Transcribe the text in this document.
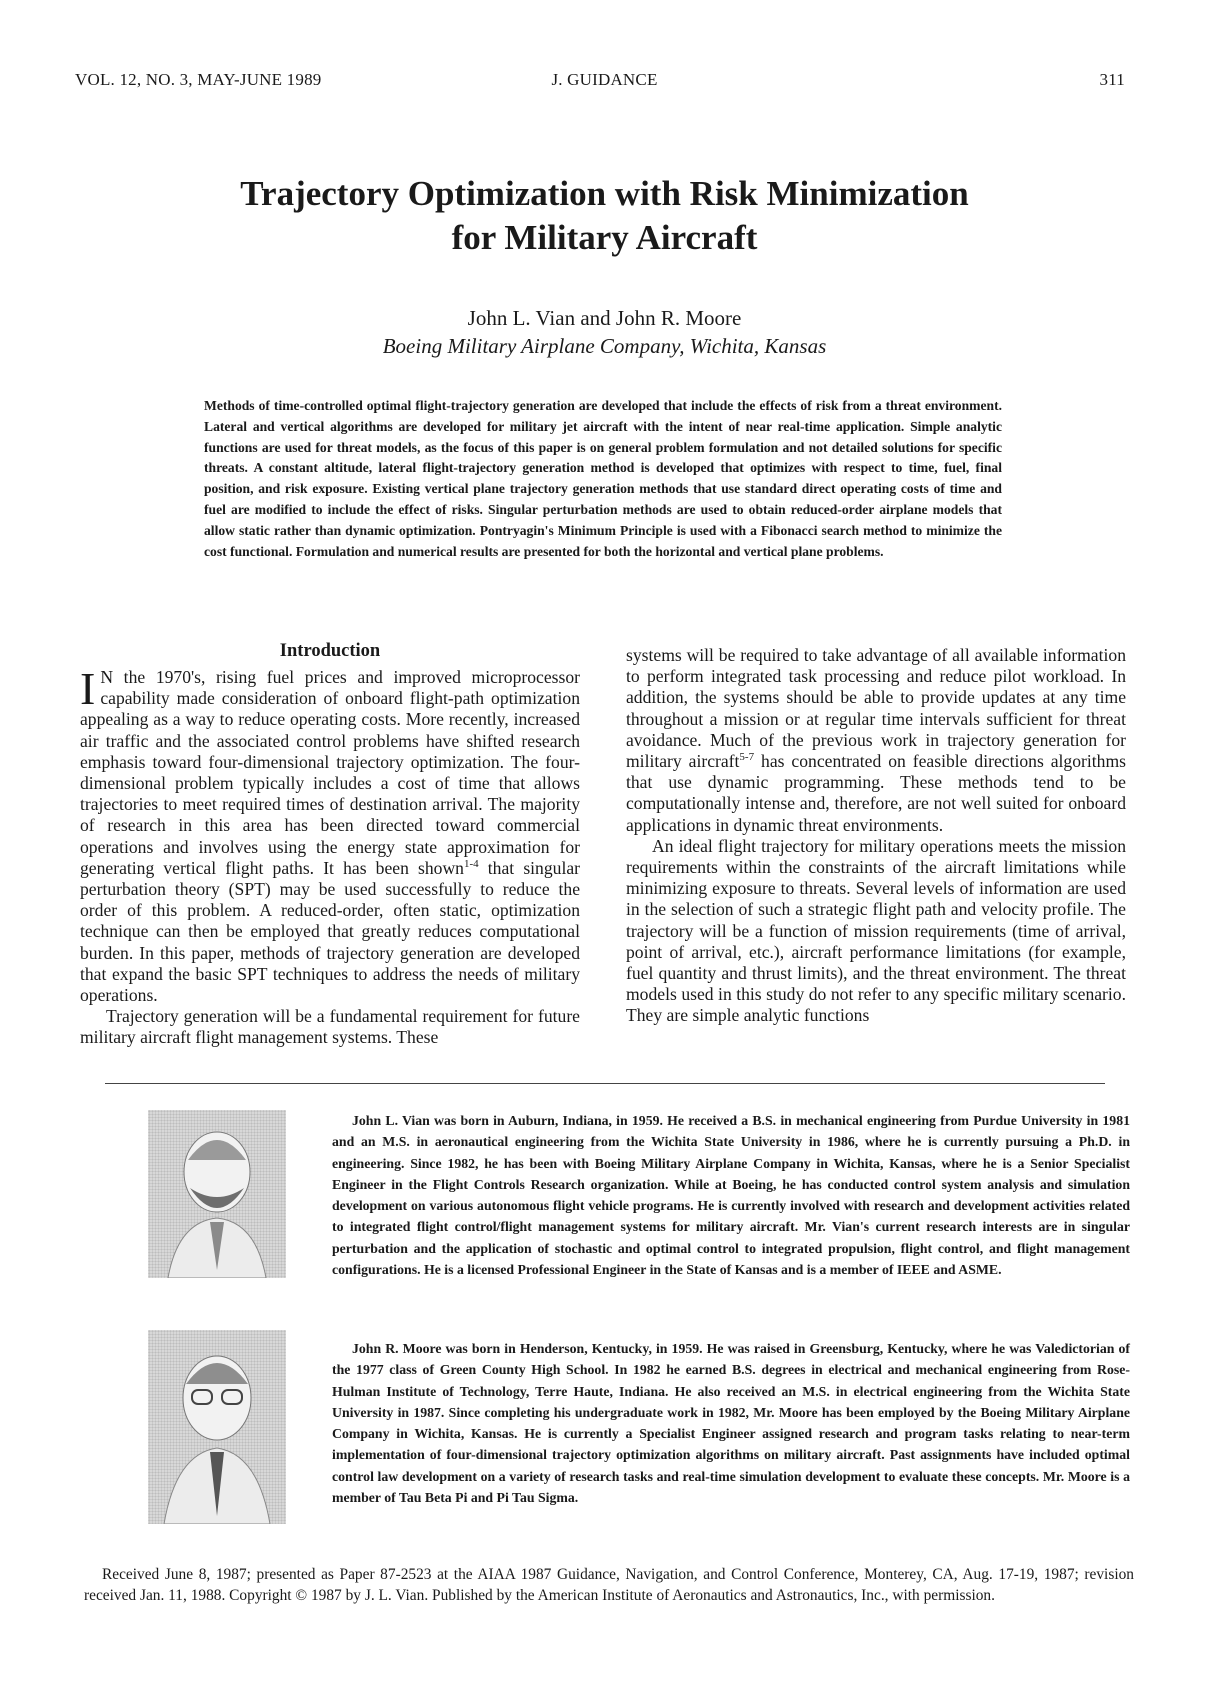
VOL. 12, NO. 3, MAY-JUNE 1989	J. GUIDANCE	311
Trajectory Optimization with Risk Minimization
for Military Aircraft
John L. Vian and John R. Moore
Boeing Military Airplane Company, Wichita, Kansas
Methods of time-controlled optimal flight-trajectory generation are developed that include the effects of risk from a threat environment. Lateral and vertical algorithms are developed for military jet aircraft with the intent of near real-time application. Simple analytic functions are used for threat models, as the focus of this paper is on general problem formulation and not detailed solutions for specific threats. A constant altitude, lateral flight-trajectory generation method is developed that optimizes with respect to time, fuel, final position, and risk exposure. Existing vertical plane trajectory generation methods that use standard direct operating costs of time and fuel are modified to include the effect of risks. Singular perturbation methods are used to obtain reduced-order airplane models that allow static rather than dynamic optimization. Pontryagin's Minimum Principle is used with a Fibonacci search method to minimize the cost functional. Formulation and numerical results are presented for both the horizontal and vertical plane problems.
Introduction

I N the 1970's, rising fuel prices and improved microprocessor capability made consideration of onboard flight-path optimization appealing as a way to reduce operating costs. More recently, increased air traffic and the associated control problems have shifted research emphasis toward four-dimensional trajectory optimization. The four-dimensional problem typically includes a cost of time that allows trajectories to meet required times of destination arrival. The majority of research in this area has been directed toward commercial operations and involves using the energy state approximation for generating vertical flight paths. It has been shown$^{1-4}$ that singular perturbation theory (SPT) may be used successfully to reduce the order of this problem. A reduced-order, often static, optimization technique can then be employed that greatly reduces computational burden. In this paper, methods of trajectory generation are developed that expand the basic SPT techniques to address the needs of military operations.

Trajectory generation will be a fundamental requirement for future military aircraft flight management systems. These

systems will be required to take advantage of all available information to perform integrated task processing and reduce pilot workload. In addition, the systems should be able to provide updates at any time throughout a mission or at regular time intervals sufficient for threat avoidance. Much of the previous work in trajectory generation for military aircraft$^{5-7}$ has concentrated on feasible directions algorithms that use dynamic programming. These methods tend to be computationally intense and, therefore, are not well suited for onboard applications in dynamic threat environments.

An ideal flight trajectory for military operations meets the mission requirements within the constraints of the aircraft limitations while minimizing exposure to threats. Several levels of information are used in the selection of such a strategic flight path and velocity profile. The trajectory will be a function of mission requirements (time of arrival, point of arrival, etc.), aircraft performance limitations (for example, fuel quantity and thrust limits), and the threat environment. The threat models used in this study do not refer to any specific military scenario. They are simple analytic functions

John L. Vian was born in Auburn, Indiana, in 1959. He received a B.S. in mechanical engineering from Purdue University in 1981 and an M.S. in aeronautical engineering from the Wichita State University in 1986, where he is currently pursuing a Ph.D. in engineering. Since 1982, he has been with Boeing Military Airplane Company in Wichita, Kansas, where he is a Senior Specialist Engineer in the Flight Controls Research organization. While at Boeing, he has conducted control system analysis and simulation development on various autonomous flight vehicle programs. He is currently involved with research and development activities related to integrated flight control/flight management systems for military aircraft. Mr. Vian's current research interests are in singular perturbation and the application of stochastic and optimal control to integrated propulsion, flight control, and flight management configurations. He is a licensed Professional Engineer in the State of Kansas and is a member of IEEE and ASME.
John R. Moore was born in Henderson, Kentucky, in 1959. He was raised in Greensburg, Kentucky, where he was Valedictorian of the 1977 class of Green County High School. In 1982 he earned B.S. degrees in electrical and mechanical engineering from Rose-Hulman Institute of Technology, Terre Haute, Indiana. He also received an M.S. in electrical engineering from the Wichita State University in 1987. Since completing his undergraduate work in 1982, Mr. Moore has been employed by the Boeing Military Airplane Company in Wichita, Kansas. He is currently a Specialist Engineer assigned research and program tasks relating to near-term implementation of four-dimensional trajectory optimization algorithms on military aircraft. Past assignments have included optimal control law development on a variety of research tasks and real-time simulation development to evaluate these concepts. Mr. Moore is a member of Tau Beta Pi and Pi Tau Sigma.
Received June 8, 1987; presented as Paper 87-2523 at the AIAA 1987 Guidance, Navigation, and Control Conference, Monterey, CA, Aug. 17-19, 1987; revision received Jan. 11, 1988. Copyright © 1987 by J. L. Vian. Published by the American Institute of Aeronautics and Astronautics, Inc., with permission.
